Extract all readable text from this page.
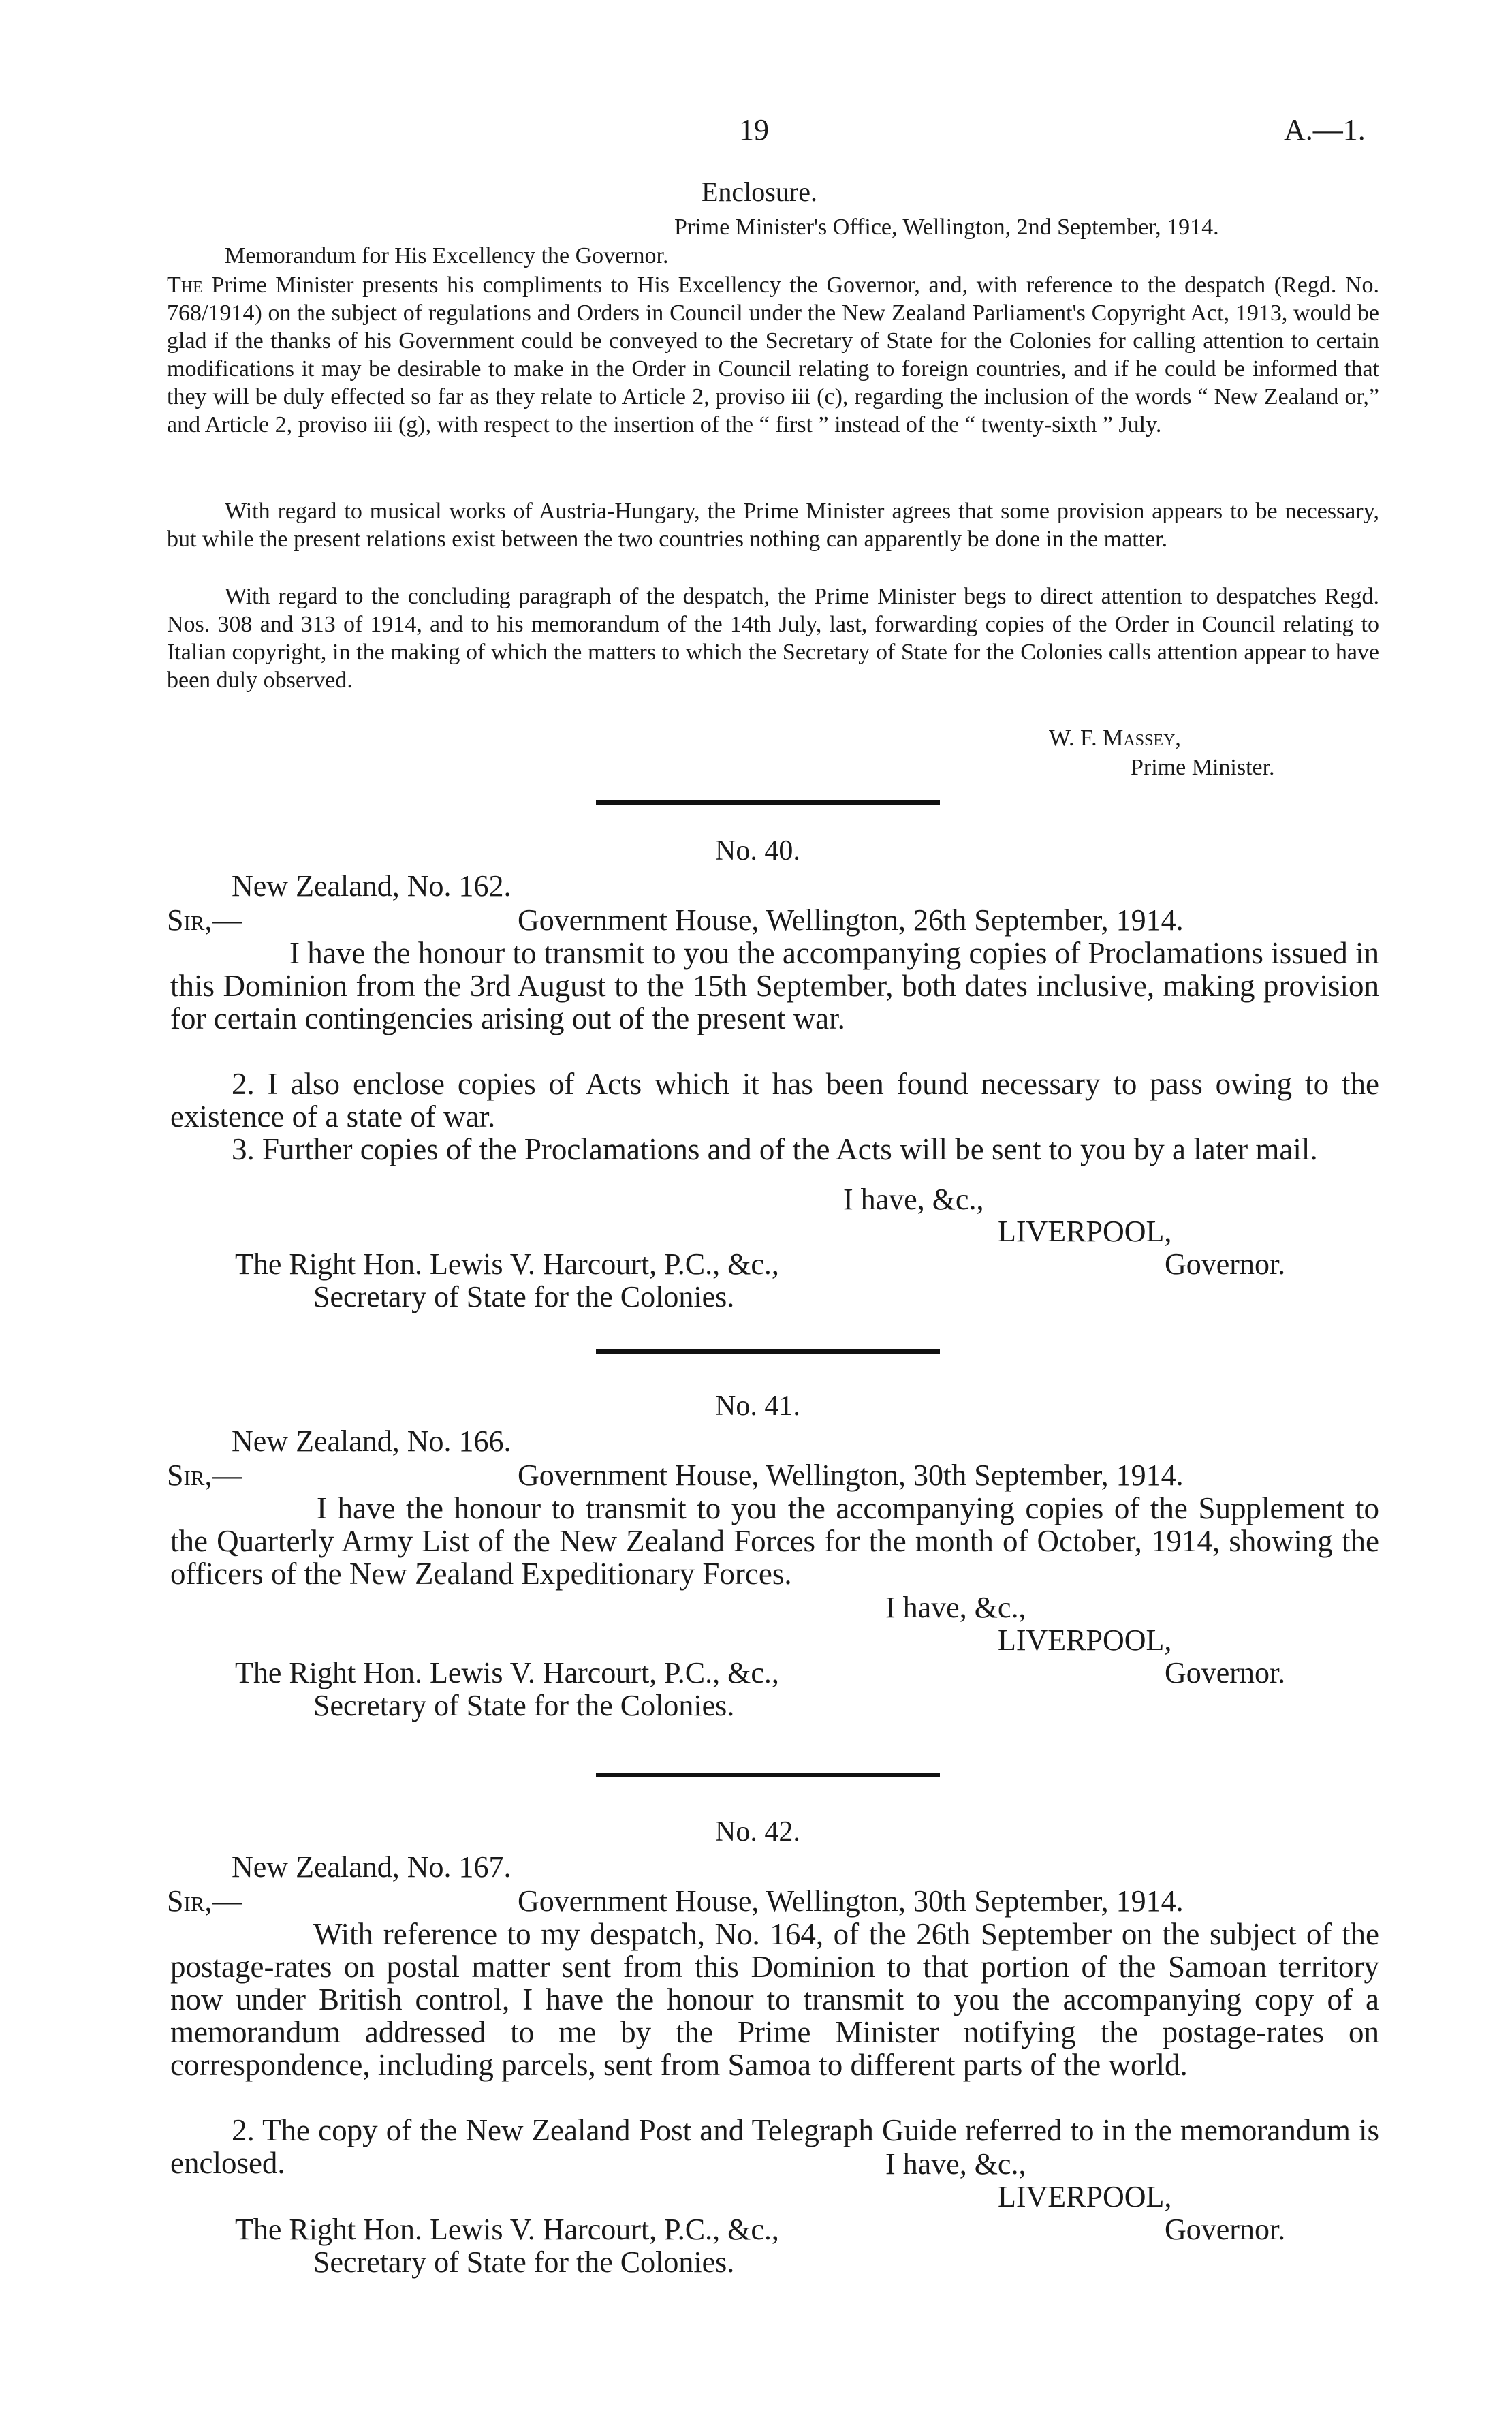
19	A.—1.
Enclosure.
Prime Minister's Office, Wellington, 2nd September, 1914.
Memorandum for His Excellency the Governor.
The Prime Minister presents his compliments to His Excellency the Governor, and, with reference to the despatch (Regd. No. 768/1914) on the subject of regulations and Orders in Council under the New Zealand Parliament's Copyright Act, 1913, would be glad if the thanks of his Government could be conveyed to the Secretary of State for the Colonies for calling attention to certain modifications it may be desirable to make in the Order in Council relating to foreign countries, and if he could be informed that they will be duly effected so far as they relate to Article 2, proviso iii (c), regarding the inclusion of the words “ New Zealand or,” and Article 2, proviso iii (g), with respect to the insertion of the “ first ” instead of the “ twenty-sixth ” July.
With regard to musical works of Austria-Hungary, the Prime Minister agrees that some provision appears to be necessary, but while the present relations exist between the two countries nothing can apparently be done in the matter.
With regard to the concluding paragraph of the despatch, the Prime Minister begs to direct attention to despatches Regd. Nos. 308 and 313 of 1914, and to his memorandum of the 14th July, last, forwarding copies of the Order in Council relating to Italian copyright, in the making of which the matters to which the Secretary of State for the Colonies calls attention appear to have been duly observed.
W. F. Massey,
Prime Minister.
No. 40.
New Zealand, No. 162.
Sir,—	Government House, Wellington, 26th September, 1914.
I have the honour to transmit to you the accompanying copies of Proclamations issued in this Dominion from the 3rd August to the 15th September, both dates inclusive, making provision for certain contingencies arising out of the present war.
2. I also enclose copies of Acts which it has been found necessary to pass owing to the existence of a state of war.
3. Further copies of the Proclamations and of the Acts will be sent to you by a later mail.
I have, &c.,
LIVERPOOL,
The Right Hon. Lewis V. Harcourt, P.C., &c.,	Governor.
Secretary of State for the Colonies.
No. 41.
New Zealand, No. 166.
Sir,—	Government House, Wellington, 30th September, 1914.
I have the honour to transmit to you the accompanying copies of the Supplement to the Quarterly Army List of the New Zealand Forces for the month of October, 1914, showing the officers of the New Zealand Expeditionary Forces.
I have, &c.,
LIVERPOOL,
The Right Hon. Lewis V. Harcourt, P.C., &c.,	Governor.
Secretary of State for the Colonies.
No. 42.
New Zealand, No. 167.
Sir,—	Government House, Wellington, 30th September, 1914.
With reference to my despatch, No. 164, of the 26th September on the subject of the postage-rates on postal matter sent from this Dominion to that portion of the Samoan territory now under British control, I have the honour to transmit to you the accompanying copy of a memorandum addressed to me by the Prime Minister notifying the postage-rates on correspondence, including parcels, sent from Samoa to different parts of the world.
2. The copy of the New Zealand Post and Telegraph Guide referred to in the memorandum is enclosed.	I have, &c.,
LIVERPOOL,
The Right Hon. Lewis V. Harcourt, P.C., &c.,	Governor.
Secretary of State for the Colonies.
